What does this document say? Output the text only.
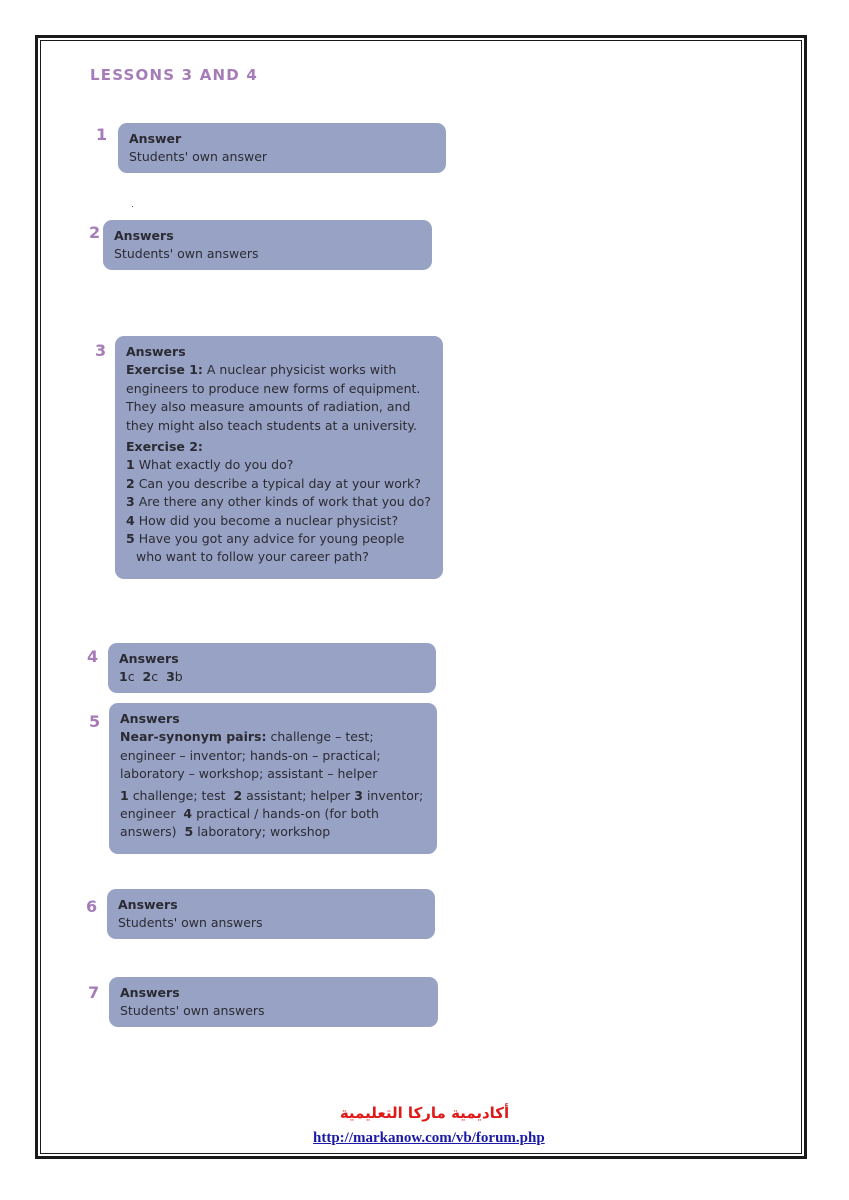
LESSONS 3 AND 4
1 Answer
Students' own answer
2 Answers
Students' own answers
3 Answers
Exercise 1: A nuclear physicist works with engineers to produce new forms of equipment. They also measure amounts of radiation, and they might also teach students at a university.
Exercise 2:
1 What exactly do you do?
2 Can you describe a typical day at your work?
3 Are there any other kinds of work that you do?
4 How did you become a nuclear physicist?
5 Have you got any advice for young people who want to follow your career path?
4 Answers
1c 2c 3b
5 Answers
Near-synonym pairs: challenge – test; engineer – inventor; hands-on – practical; laboratory – workshop; assistant – helper
1 challenge; test 2 assistant; helper 3 inventor; engineer 4 practical / hands-on (for both answers) 5 laboratory; workshop
6 Answers
Students' own answers
7 Answers
Students' own answers
أكاديمية ماركا التعليمية
http://markanow.com/vb/forum.php
